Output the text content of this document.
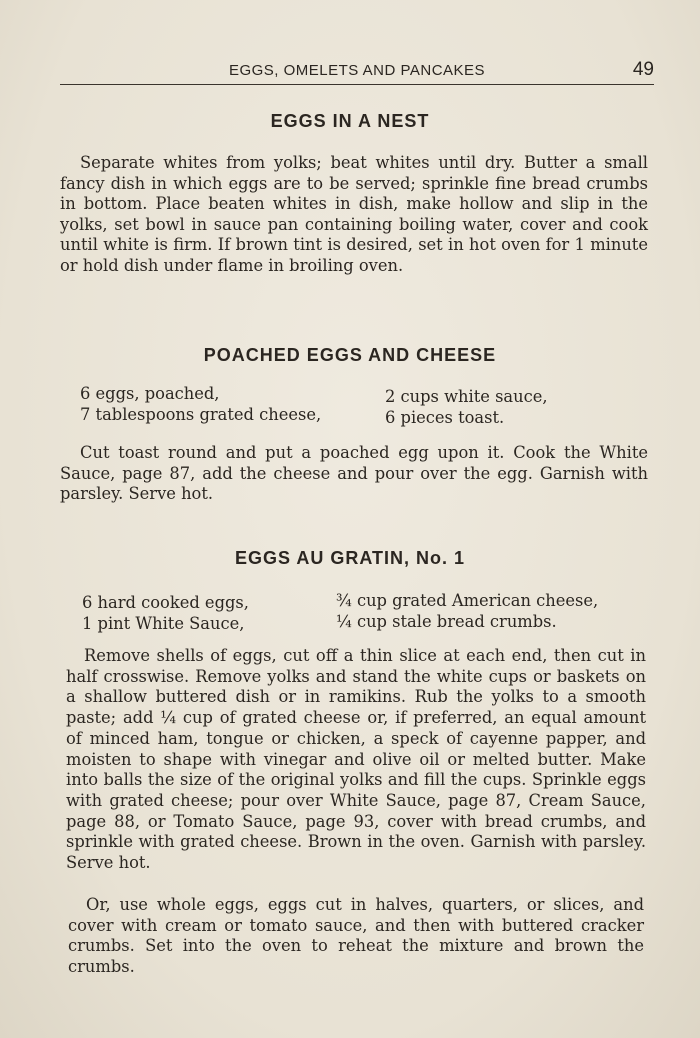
EGGS, OMELETS AND PANCAKES	49
EGGS IN A NEST

Separate whites from yolks; beat whites until dry. Butter a small fancy dish in which eggs are to be served; sprinkle fine bread crumbs in bottom. Place beaten whites in dish, make hollow and slip in the yolks, set bowl in sauce pan containing boiling water, cover and cook until white is firm. If brown tint is desired, set in hot oven for 1 minute or hold dish under flame in broiling oven.

POACHED EGGS AND CHEESE
6 eggs, poached,
7 tablespoons grated cheese,
2 cups white sauce,
6 pieces toast.

Cut toast round and put a poached egg upon it. Cook the White Sauce, page 87, add the cheese and pour over the egg. Garnish with parsley. Serve hot.

EGGS AU GRATIN, No. 1
6 hard cooked eggs,
1 pint White Sauce,
¾ cup grated American cheese,
¼ cup stale bread crumbs.

Remove shells of eggs, cut off a thin slice at each end, then cut in half crosswise. Remove yolks and stand the white cups or baskets on a shallow buttered dish or in ramikins. Rub the yolks to a smooth paste; add ¼ cup of grated cheese or, if preferred, an equal amount of minced ham, tongue or chicken, a speck of cayenne papper, and moisten to shape with vinegar and olive oil or melted butter. Make into balls the size of the original yolks and fill the cups. Sprinkle eggs with grated cheese; pour over White Sauce, page 87, Cream Sauce, page 88, or Tomato Sauce, page 93, cover with bread crumbs, and sprinkle with grated cheese. Brown in the oven. Garnish with parsley. Serve hot.

Or, use whole eggs, eggs cut in halves, quarters, or slices, and cover with cream or tomato sauce, and then with buttered cracker crumbs. Set into the oven to reheat the mixture and brown the crumbs.
